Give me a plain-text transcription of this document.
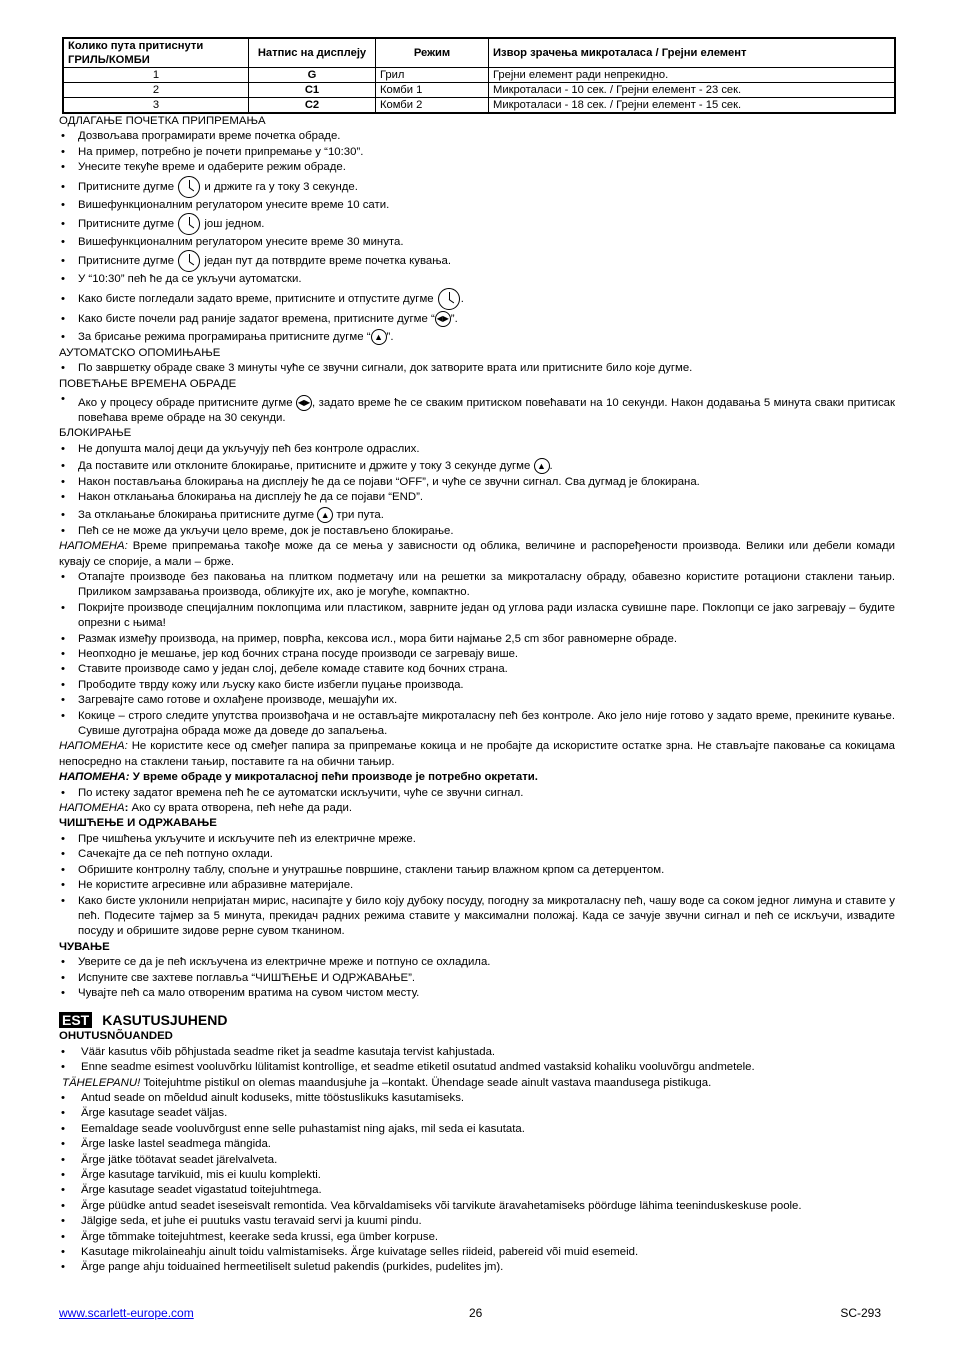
Колико пута притиснути ГРИЛЬ/КОМБИ	Натпис на дисплеју	Режим	Извор зрачења микроталаса / Грејни елемент
1	G	Грил	Грејни елемент ради непрекидно.
2	C1	Комби 1	Микроталаси - 10 сек. / Грејни елемент - 23 сек.
3	C2	Комби 2	Микроталаси - 18 сек. / Грејни елемент - 15 сек.

ОДЛАГАЊЕ ПОЧЕТКА ПРИПРЕМАЊА

• Дозвољава програмирати време почетка обраде.
• На пример, потребно је почети припремање у “10:30”.
• Унесите текуће време и одаберите режим обраде.
• Притисните дугме  и држите га у току 3 секунде.
• Вишефункционалним регулатором унесите време 10 сати.
• Притисните дугме  још једном.
• Вишефункционалним регулатором унесите време 30 минута.
• Притисните дугме  један пут да потврдите време почетка кувања.
• У “10:30” пећ ће да се укључи аутоматски.
• Како бисте погледали задато време, притисните и отпустите дугме .
• Како бисте почели рад раније задатог времена, притисните дугме “ ◀▶ ”.
• За брисање режима програмирања притисните дугме “ ▲ ”.

АУТОМАТСКО ОПОМИЊАЊЕ

• По завршетку обраде сваке 3 минуты чуће се звучни сигнали, док затворите врата или притисните било које дугме.

ПОВЕЋАЊЕ ВРЕМЕНА ОБРАДЕ

• Ако у процесу обраде притисните дугме ◀▶ , задато време ће се сваким притиском повећавати на 10 секунди. Након додавања 5 минута сваки притисак повећава време обраде на 30 секунди.

БЛОКИРАЊЕ

• Не допушта малој деци да укључују пећ без контроле одраслих.
• Да поставите или отклоните блокирање, притисните и држите у току 3 секунде дугме ▲ .
• Након постављања блокирања на дисплеју ће да се појави “OFF”, и чуће се звучни сигнал. Сва дугмад је блокирана.
• Након отклањања блокирања на дисплеју ће да се појави “END”.
• За отклањање блокирања притисните дугме ▲ три пута.
• Пећ се не може да укључи цело време, док је постављено блокирање.

НАПОМЕНА: Време припремања такође може да се мења у зависности од облика, величине и распоређености производа. Велики или дебели комади кувају се спорије, а мали – брже.

• Отапајте производе без паковања на плитком подметачу или на решетки за микроталасну обраду, обавезно користите ротациони стаклени тањир. Приликом замрзавања производа, обликујте их, ако је могуће, компактно.
• Покријте производе специјалним поклопцима или пластиком, заврните један од углова ради изласка сувишне паре. Поклопци се јако загревају – будите опрезни с њима!
• Размак између производа, на пример, поврћа, кексова исл., мора бити најмање 2,5 cm због равномерне обраде.
• Неопходно је мешање, јер код бочних страна посуде производи се загревају више.
• Ставите производе само у један слој, дебеле комаде ставите код бочних страна.
• Прободите тврду кожу или љуску како бисте избегли пуцање производа.
• Загревајте само готове и охлађене производе, мешајући их.
• Кокице – строго следите упутства произвођача и не остављајте микроталасну пећ без контроле. Ако јело није готово у задато време, прекините кување. Сувише дуготрајна обрада може да доведе до запаљења.

НАПОМЕНА: Не користите кесе од смеђег папира за припремање кокица и не пробајте да искористите остатке зрна. Не стављајте паковање са кокицама непосредно на стаклени тањир, поставите га на обични тањир.

НАПОМЕНА: У време обраде у микроталасној пећи производе је потребно окретати.

• По истеку задатог времена пећ ће се аутоматски искључити, чуће се звучни сигнал.

НАПОМЕНА: Ако су врата отворена, пећ неће да ради.

ЧИШЋЕЊЕ И ОДРЖАВАЊЕ

• Пре чишћења укључите и искључите пећ из електричне мреже.
• Сачекајте да се пећ потпуно охлади.
• Обришите контролну таблу, спољне и унутрашње површине, стаклени тањир влажном крпом са детерџентом.
• Не користите агресивне или абразивне материјале.
• Како бисте уклонили непријатан мирис, насипајте у било коју дубоку посуду, погодну за микроталасну пећ, чашу воде са соком једног лимуна и ставите у пећ. Подесите тајмер за 5 минута, прекидач радних режима ставите у максимални положај. Када се зачује звучни сигнал и пећ се искључи, извадите посуду и обришите зидове рерне сувом тканином.

ЧУВАЊЕ

• Уверите се да је пећ искључена из електричне мреже и потпуно се охладила.
• Испуните све захтеве поглавља “ЧИШЋЕЊЕ И ОДРЖАВАЊЕ”.
• Чувајте пећ са мало отвореним вратима на сувом чистом месту.
EST KASUTUSJUHEND

OHUTUSNÕUANDED

• Väär kasutus võib põhjustada seadme riket ja seadme kasutaja tervist kahjustada.
• Enne seadme esimest vooluvõrku lülitamist kontrollige, et seadme etiketil osutatud andmed vastaksid kohaliku vooluvõrgu andmetele.

TÄHELEPANU! Toitejuhtme pistikul on olemas maandusjuhe ja –kontakt. Ühendage seade ainult vastava maandusega pistikuga.

• Antud seade on mõeldud ainult koduseks, mitte tööstuslikuks kasutamiseks.
• Ärge kasutage seadet väljas.
• Eemaldage seade vooluvõrgust enne selle puhastamist ning ajaks, mil seda ei kasutata.
• Ärge laske lastel seadmega mängida.
• Ärge jätke töötavat seadet järelvalveta.
• Ärge kasutage tarvikuid, mis ei kuulu komplekti.
• Ärge kasutage seadet vigastatud toitejuhtmega.
• Ärge püüdke antud seadet iseseisvalt remontida. Vea kõrvaldamiseks või tarvikute äravahetamiseks pöörduge lähima teeninduskeskuse poole.
• Jälgige seda, et juhe ei puutuks vastu teravaid servi ja kuumi pindu.
• Ärge tõmmake toitejuhtmest, keerake seda krussi, ega ümber korpuse.
• Kasutage mikrolaineahju ainult toidu valmistamiseks. Ärge kuivatage selles riideid, pabereid või muid esemeid.
• Ärge pange ahju toiduained hermeetiliselt suletud pakendis (purkides, pudelites jm).
www.scarlett-europe.com	26	SC-293
